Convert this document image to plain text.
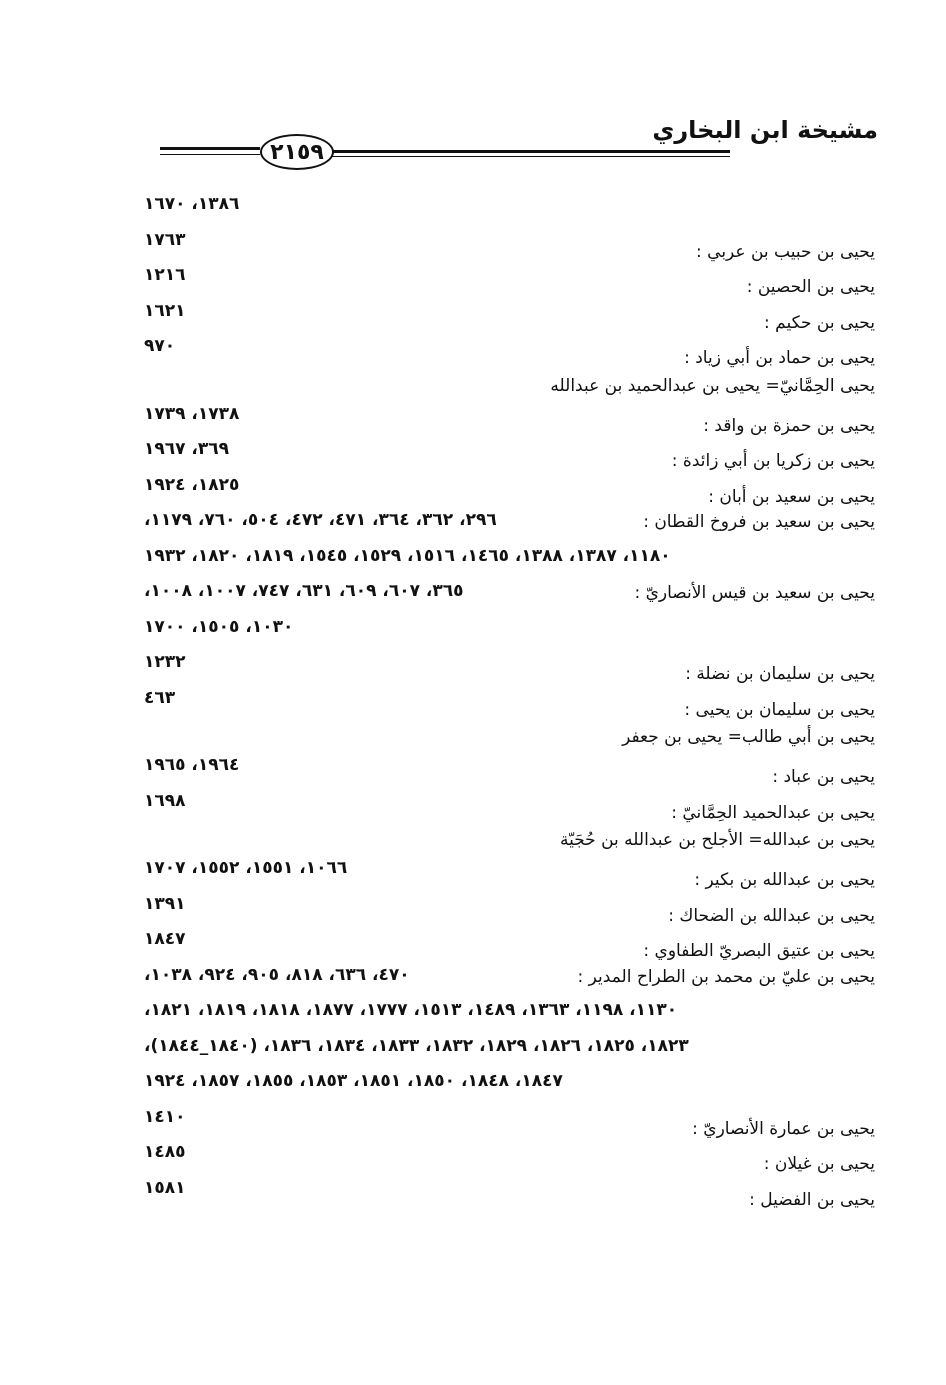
مشيخة ابن البخاري
٢١٥٩
١٣٨٦، ١٦٧٠
يحيى بن حبيب بن عربي :
١٧٦٣
يحيى بن الحصين :
١٢١٦
يحيى بن حكيم :
١٦٢١
يحيى بن حماد بن أبي زياد :
٩٧٠
يحيى الحِمَّانيّ= يحيى بن عبدالحميد بن عبدالله
يحيى بن حمزة بن واقد :
١٧٣٨، ١٧٣٩
يحيى بن زكريا بن أبي زائدة :
٣٦٩، ١٩٦٧
يحيى بن سعيد بن أبان :
١٨٢٥، ١٩٢٤
يحيى بن سعيد بن فروخ القطان :
٢٩٦، ٣٦٢، ٣٦٤، ٤٧١، ٤٧٢، ٥٠٤، ٧٦٠، ١١٧٩،
١١٨٠، ١٣٨٧، ١٣٨٨، ١٤٦٥، ١٥١٦، ١٥٢٩، ١٥٤٥، ١٨١٩، ١٨٢٠، ١٩٣٢
يحيى بن سعيد بن قيس الأنصاريّ :
٣٦٥، ٦٠٧، ٦٠٩، ٦٣١، ٧٤٧، ١٠٠٧، ١٠٠٨،
١٠٣٠، ١٥٠٥، ١٧٠٠
يحيى بن سليمان بن نضلة :
١٢٣٢
يحيى بن سليمان بن يحيى :
٤٦٣
يحيى بن أبي طالب= يحيى بن جعفر
يحيى بن عباد :
١٩٦٤، ١٩٦٥
يحيى بن عبدالحميد الحِمَّانيّ :
١٦٩٨
يحيى بن عبدالله= الأجلح بن عبدالله بن حُجَيّة
يحيى بن عبدالله بن بكير :
١٠٦٦، ١٥٥١، ١٥٥٢، ١٧٠٧
يحيى بن عبدالله بن الضحاك :
١٣٩١
يحيى بن عتيق البصريّ الطفاوي :
١٨٤٧
يحيى بن عليّ بن محمد بن الطراح المدير :
٤٧٠، ٦٣٦، ٨١٨، ٩٠٥، ٩٢٤، ١٠٣٨،
١١٣٠، ١١٩٨، ١٣٦٣، ١٤٨٩، ١٥١٣، ١٧٧٧، ١٨٧٧، ١٨١٨، ١٨١٩، ١٨٢١،
١٨٢٣، ١٨٢٥، ١٨٢٦، ١٨٢٩، ١٨٣٢، ١٨٣٣، ١٨٣٤، ١٨٣٦، (١٨٤٠_١٨٤٤)،
١٨٤٧، ١٨٤٨، ١٨٥٠، ١٨٥١، ١٨٥٣، ١٨٥٥، ١٨٥٧، ١٩٢٤
يحيى بن عمارة الأنصاريّ :
١٤١٠
يحيى بن غيلان :
١٤٨٥
يحيى بن الفضيل :
١٥٨١
